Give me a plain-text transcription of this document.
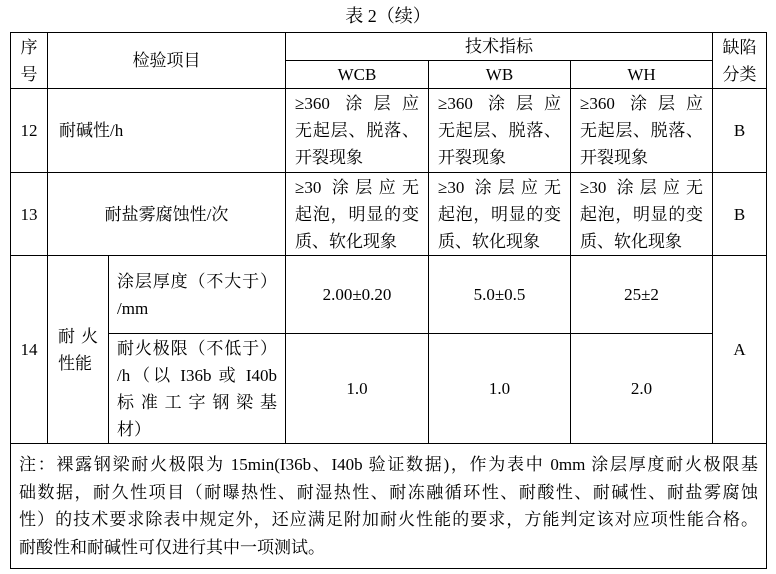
表 2（续）
序
号	检验项目		技术指标			缺陷
分类

			WCB	WB	WH	
12	耐碱性/h		≥360 涂层应
无起层、脱落、
开裂现象	≥360 涂层应
无起层、脱落、
开裂现象	≥360 涂层应
无起层、脱落、
开裂现象	B
13	耐盐雾腐蚀性/次		≥30 涂层应无
起泡，明显的变
质、软化现象	≥30 涂层应无
起泡，明显的变
质、软化现象	≥30 涂层应无
起泡，明显的变
质、软化现象	B
14	耐火
性能	涂层厚度（不大于）
/mm	2.00±0.20	5.0±0.5	25±2	A

		耐火极限（不低于）
/h（以 I36b 或 I40b
标准工字钢梁基
材）	1.0	1.0	2.0	

注：裸露钢梁耐火极限为 15min(I36b、I40b 验证数据)，作为表中 0mm 涂层厚度耐火极限基
础数据，耐久性项目（耐曝热性、耐湿热性、耐冻融循环性、耐酸性、耐碱性、耐盐雾腐蚀
性）的技术要求除表中规定外，还应满足附加耐火性能的要求，方能判定该对应项性能合格。
耐酸性和耐碱性可仅进行其中一项测试。						
